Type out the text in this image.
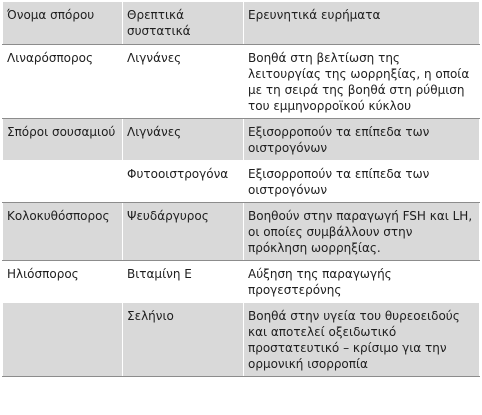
Όνομα σπόρου	Θρεπτικά συστατικά	Ερευνητικά ευρήματα

Λιναρόσπορος	Λιγνάνες	Βοηθά στη βελτίωση της λειτουργίας της ωορρηξίας, η οποία με τη σειρά της βοηθά στη ρύθμιση του εμμηνορροϊκού κύκλου

Σπόροι σουσαμιού	Λιγνάνες	Εξισορροπούν τα επίπεδα των οιστρογόνων

	Φυτοοιστρογόνα	Εξισορροπούν τα επίπεδα των οιστρογόνων

Κολοκυθόσπορος	Ψευδάργυρος	Βοηθούν στην παραγωγή FSH και LH, οι οποίες συμβάλλουν στην πρόκληση ωορρηξίας.

Ηλιόσπορος	Βιταμίνη E	Αύξηση της παραγωγής προγεστερόνης

	Σελήνιο	Βοηθά στην υγεία του θυρεοειδούς και αποτελεί οξειδωτικό προστατευτικό – κρίσιμο για την ορμονική ισορροπία
